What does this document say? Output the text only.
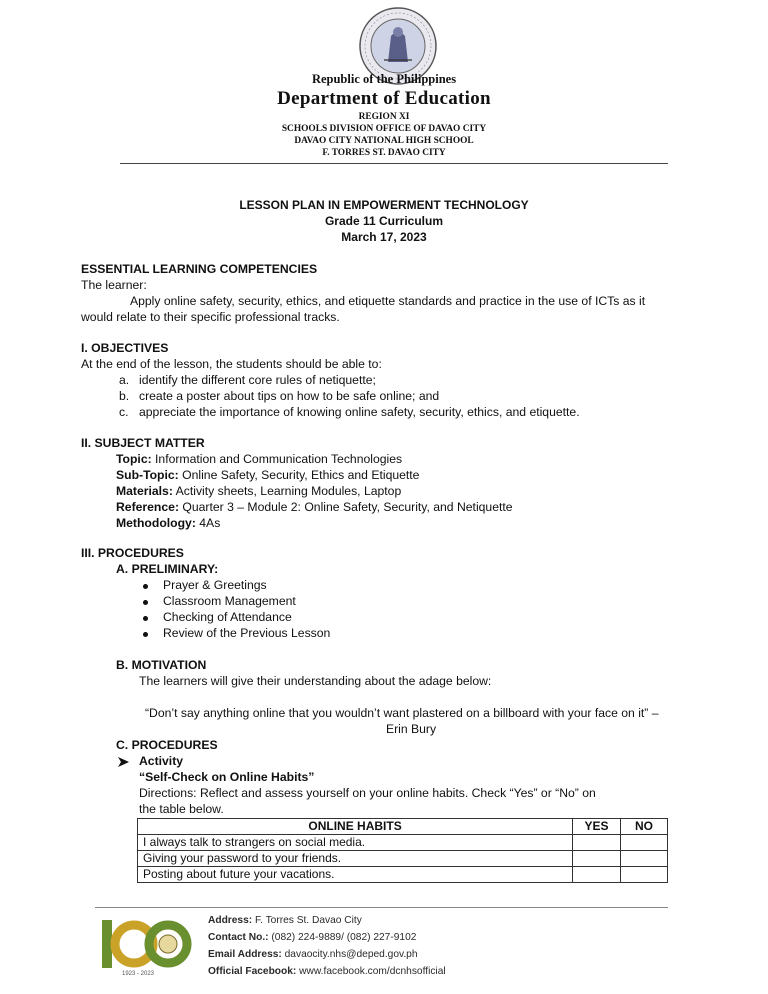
Republic of the Philippines
Department of Education
REGION XI
SCHOOLS DIVISION OFFICE OF DAVAO CITY
DAVAO CITY NATIONAL HIGH SCHOOL
F. TORRES ST. DAVAO CITY
LESSON PLAN IN EMPOWERMENT TECHNOLOGY
Grade 11 Curriculum
March 17, 2023
ESSENTIAL LEARNING COMPETENCIES
The learner:
Apply online safety, security, ethics, and etiquette standards and practice in the use of ICTs as it
would relate to their specific professional tracks.
I. OBJECTIVES
At the end of the lesson, the students should be able to:
a. identify the different core rules of netiquette;
b. create a poster about tips on how to be safe online; and
c. appreciate the importance of knowing online safety, security, ethics, and etiquette.
II. SUBJECT MATTER
Topic: Information and Communication Technologies
Sub-Topic: Online Safety, Security, Ethics and Etiquette
Materials: Activity sheets, Learning Modules, Laptop
Reference: Quarter 3 – Module 2: Online Safety, Security, and Netiquette
Methodology: 4As
III. PROCEDURES
A. PRELIMINARY:
Prayer & Greetings
Classroom Management
Checking of Attendance
Review of the Previous Lesson
B. MOTIVATION
The learners will give their understanding about the adage below:
“Don’t say anything online that you wouldn’t want plastered on a billboard with your face on it” –
Erin Bury
C. PROCEDURES
Activity
“Self-Check on Online Habits”
Directions: Reflect and assess yourself on your online habits. Check “Yes” or “No” on
the table below.
ONLINE HABITS	YES	NO
I always talk to strangers on social media.		
Giving your password to your friends.		
Posting about future your vacations.		
1923 - 2023
Address: F. Torres St. Davao City
Contact No.: (082) 224-9889/ (082) 227-9102
Email Address: davaocity.nhs@deped.gov.ph
Official Facebook: www.facebook.com/dcnhsofficial
